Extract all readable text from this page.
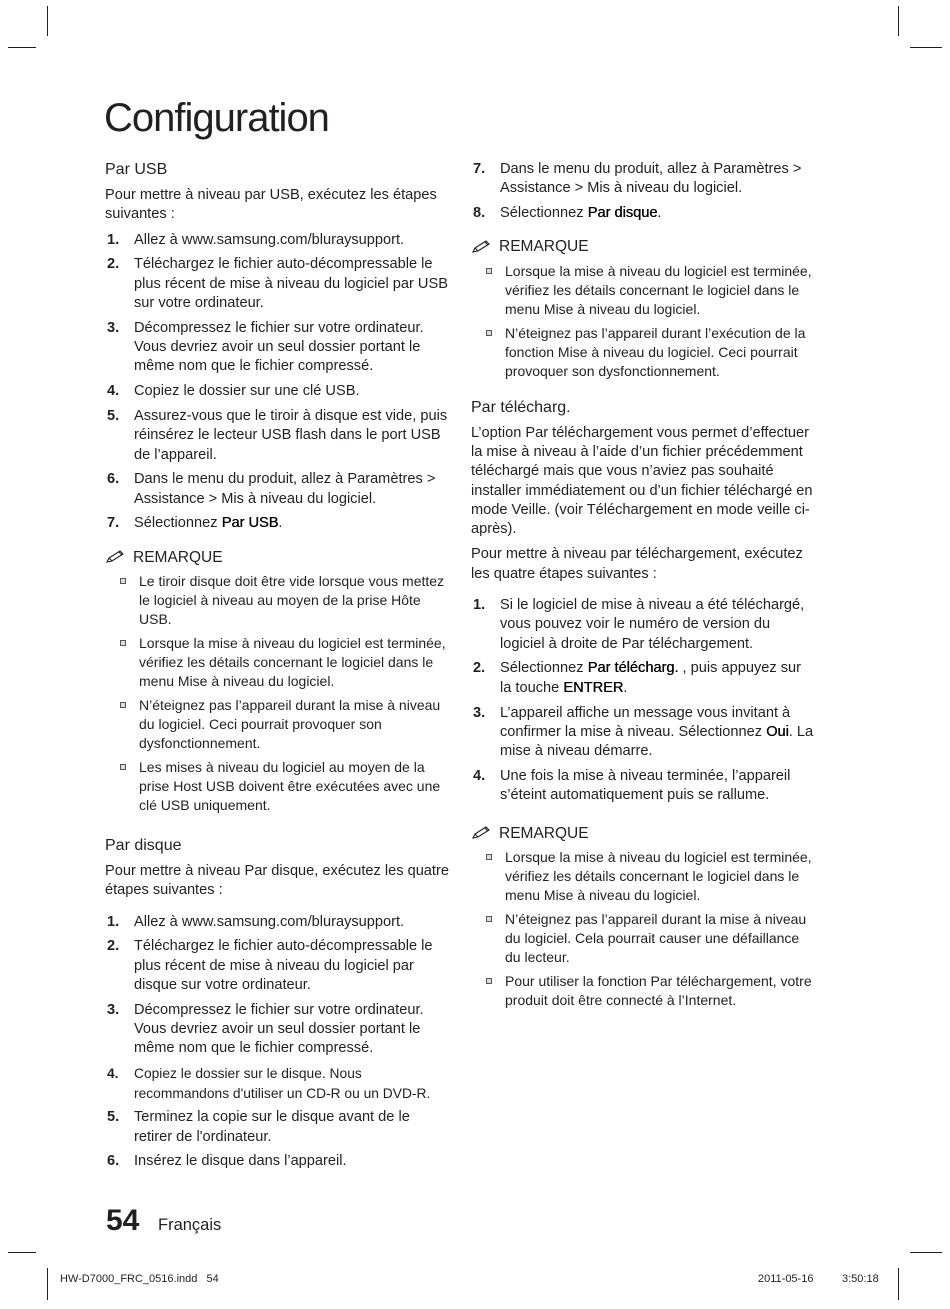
Configuration
Par USB

Pour mettre à niveau par USB, exécutez les étapes suivantes :

1. Allez à www.samsung.com/bluraysupport.
2. Téléchargez le fichier auto-décompressable le plus récent de mise à niveau du logiciel par USB sur votre ordinateur.
3. Décompressez le fichier sur votre ordinateur. Vous devriez avoir un seul dossier portant le même nom que le fichier compressé.
4. Copiez le dossier sur une clé USB.
5. Assurez-vous que le tiroir à disque est vide, puis réinsérez le lecteur USB flash dans le port USB de l’appareil.
6. Dans le menu du produit, allez à Paramètres > Assistance > Mis à niveau du logiciel.
7. Sélectionnez Par USB.
REMARQUE
Le tiroir disque doit être vide lorsque vous mettez le logiciel à niveau au moyen de la prise Hôte USB.
Lorsque la mise à niveau du logiciel est terminée, vérifiez les détails concernant le logiciel dans le menu Mise à niveau du logiciel.
N’éteignez pas l’appareil durant la mise à niveau du logiciel. Ceci pourrait provoquer son dysfonctionnement.
Les mises à niveau du logiciel au moyen de la prise Host USB doivent être exécutées avec une clé USB uniquement.
Par disque

Pour mettre à niveau Par disque, exécutez les quatre étapes suivantes :

1. Allez à www.samsung.com/bluraysupport.
2. Téléchargez le fichier auto-décompressable le plus récent de mise à niveau du logiciel par disque sur votre ordinateur.
3. Décompressez le fichier sur votre ordinateur. Vous devriez avoir un seul dossier portant le même nom que le fichier compressé.
4. Copiez le dossier sur le disque. Nous recommandons d'utiliser un CD-R ou un DVD-R.
5. Terminez la copie sur le disque avant de le retirer de l'ordinateur.
6. Insérez le disque dans l’appareil.
7. Dans le menu du produit, allez à Paramètres > Assistance > Mis à niveau du logiciel.
8. Sélectionnez Par disque.
REMARQUE
Lorsque la mise à niveau du logiciel est terminée, vérifiez les détails concernant le logiciel dans le menu Mise à niveau du logiciel.
N’éteignez pas l’appareil durant l’exécution de la fonction Mise à niveau du logiciel. Ceci pourrait provoquer son dysfonctionnement.
Par télécharg.

L’option Par téléchargement vous permet d’effectuer la mise à niveau à l’aide d’un fichier précédemment téléchargé mais que vous n’aviez pas souhaité installer immédiatement ou d’un fichier téléchargé en mode Veille. (voir Téléchargement en mode veille ci-après).

Pour mettre à niveau par téléchargement, exécutez les quatre étapes suivantes :

1. Si le logiciel de mise à niveau a été téléchargé, vous pouvez voir le numéro de version du logiciel à droite de Par téléchargement.
2. Sélectionnez Par télécharg. , puis appuyez sur la touche ENTRER.
3. L’appareil affiche un message vous invitant à confirmer la mise à niveau. Sélectionnez Oui. La mise à niveau démarre.
4. Une fois la mise à niveau terminée, l’appareil s’éteint automatiquement puis se rallume.
REMARQUE
Lorsque la mise à niveau du logiciel est terminée, vérifiez les détails concernant le logiciel dans le menu Mise à niveau du logiciel.
N’éteignez pas l’appareil durant la mise à niveau du logiciel. Cela pourrait causer une défaillance du lecteur.
Pour utiliser la fonction Par téléchargement, votre produit doit être connecté à l’Internet.
54 Français
HW-D7000_FRC_0516.indd   54	2011-05-16	3:50:18
